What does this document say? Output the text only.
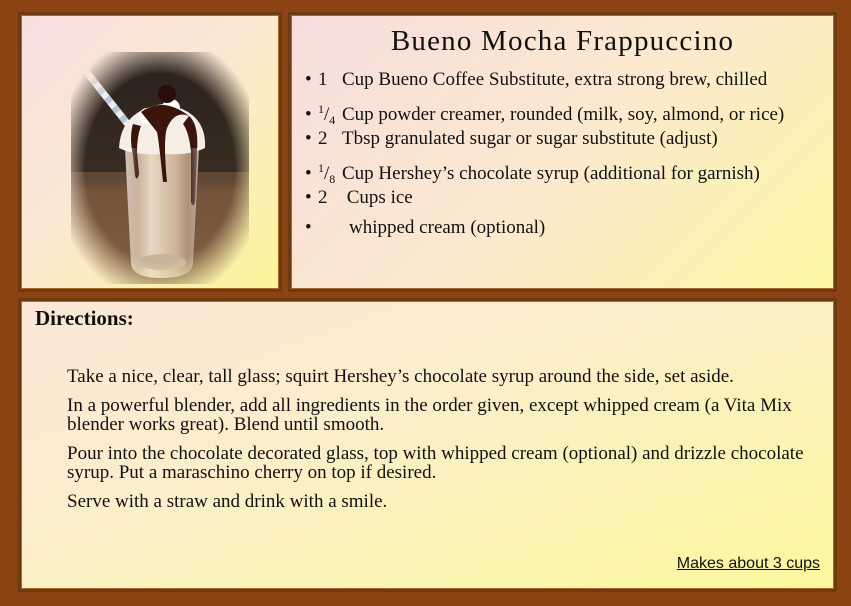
Bueno Mocha Frappuccino
• 1 Cup Bueno Coffee Substitute, extra strong brew, chilled
• $^1/_4$ Cup powder creamer, rounded (milk, soy, almond, or rice)
• 2 Tbsp granulated sugar or sugar substitute (adjust)
• $^1/_8$ Cup Hershey’s chocolate syrup (additional for garnish)
• 2 Cups ice
• whipped cream (optional)
Directions:

Take a nice, clear, tall glass; squirt Hershey’s chocolate syrup around the side, set aside.

In a powerful blender, add all ingredients in the order given, except whipped cream (a Vita Mix blender works great). Blend until smooth.

Pour into the chocolate decorated glass, top with whipped cream (optional) and drizzle chocolate syrup. Put a maraschino cherry on top if desired.

Serve with a straw and drink with a smile.

Makes about 3 cups
